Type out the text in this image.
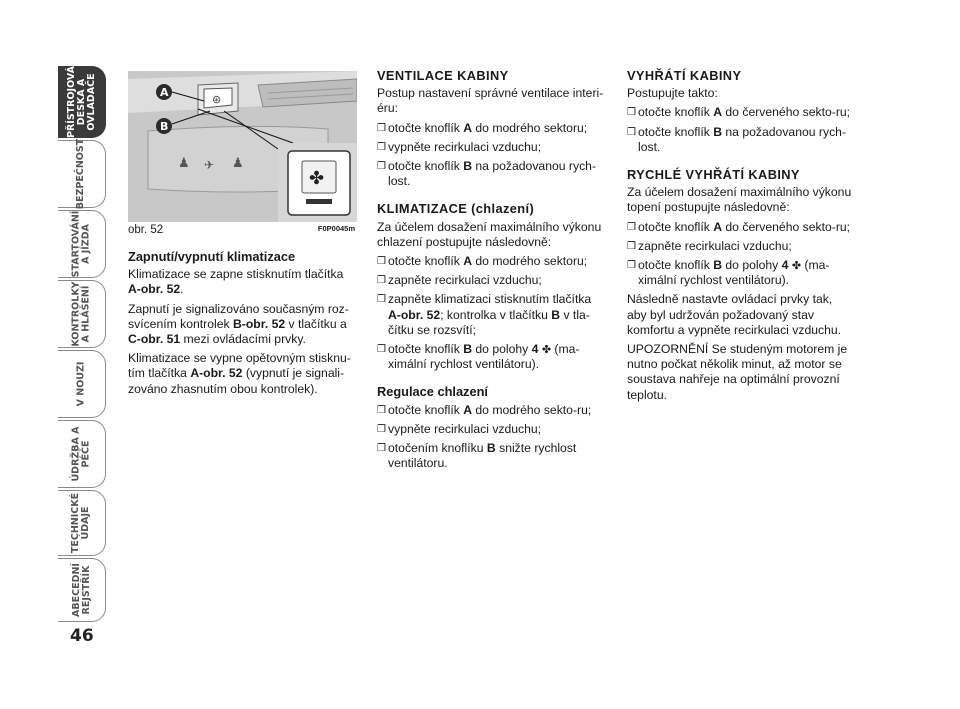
PŘÍSTROJOVÁ
DESKA A
OVLADAČE
BEZPEČNOST
STARTOVÁNÍ
A JÍZDA
KONTROLKY
A HLÁŠENÍ
V NOUZI
ÚDRŽBA A
PÉČE
TECHNICKÉ
ÚDAJE
ABECEDNÍ
REJSTŘÍK
46
⊛
♟ ✈ ♟
✤
A
B
obr. 52	F0P0045m
Zapnutí/vypnutí klimatizace
Klimatizace se zapne stisknutím tlačítka A-obr. 52.
Zapnutí je signalizováno současným roz-svícením kontrolek B-obr. 52 v tlačítku a C-obr. 51 mezi ovládacími prvky.
Klimatizace se vypne opětovným stisknu-tím tlačítka A-obr. 52 (vypnutí je signali-zováno zhasnutím obou kontrolek).
VENTILACE KABINY
Postup nastavení správné ventilace interi-éru:
❒ otočte knoflík A do modrého sektoru;
❒ vypněte recirkulaci vzduchu;
❒ otočte knoflík B na požadovanou rych-lost.
KLIMATIZACE (chlazení)
Za účelem dosažení maximálního výkonu chlazení postupujte následovně:
❒ otočte knoflík A do modrého sektoru;
❒ zapněte recirkulaci vzduchu;
❒ zapněte klimatizaci stisknutím tlačítka A-obr. 52; kontrolka v tlačítku B v tla-čítku se rozsvítí;
❒ otočte knoflík B do polohy 4 ✤ (ma-ximální rychlost ventilátoru).
Regulace chlazení
❒ otočte knoflík A do modrého sekto-ru;
❒ vypněte recirkulaci vzduchu;
❒ otočením knoflíku B snižte rychlost ventilátoru.
VYHŘÁTÍ KABINY
Postupujte takto:
❒ otočte knoflík A do červeného sekto-ru;
❒ otočte knoflík B na požadovanou rych-lost.
RYCHLÉ VYHŘÁTÍ KABINY
Za účelem dosažení maximálního výkonu topení postupujte následovně:
❒ otočte knoflík A do červeného sekto-ru;
❒ zapněte recirkulaci vzduchu;
❒ otočte knoflík B do polohy 4 ✤ (ma-ximální rychlost ventilátoru).
Následně nastavte ovládací prvky tak, aby byl udržován požadovaný stav komfortu a vypněte recirkulaci vzduchu.
UPOZORNĚNÍ Se studeným motorem je nutno počkat několik minut, až motor se soustava nahřeje na optimální provozní teplotu.
